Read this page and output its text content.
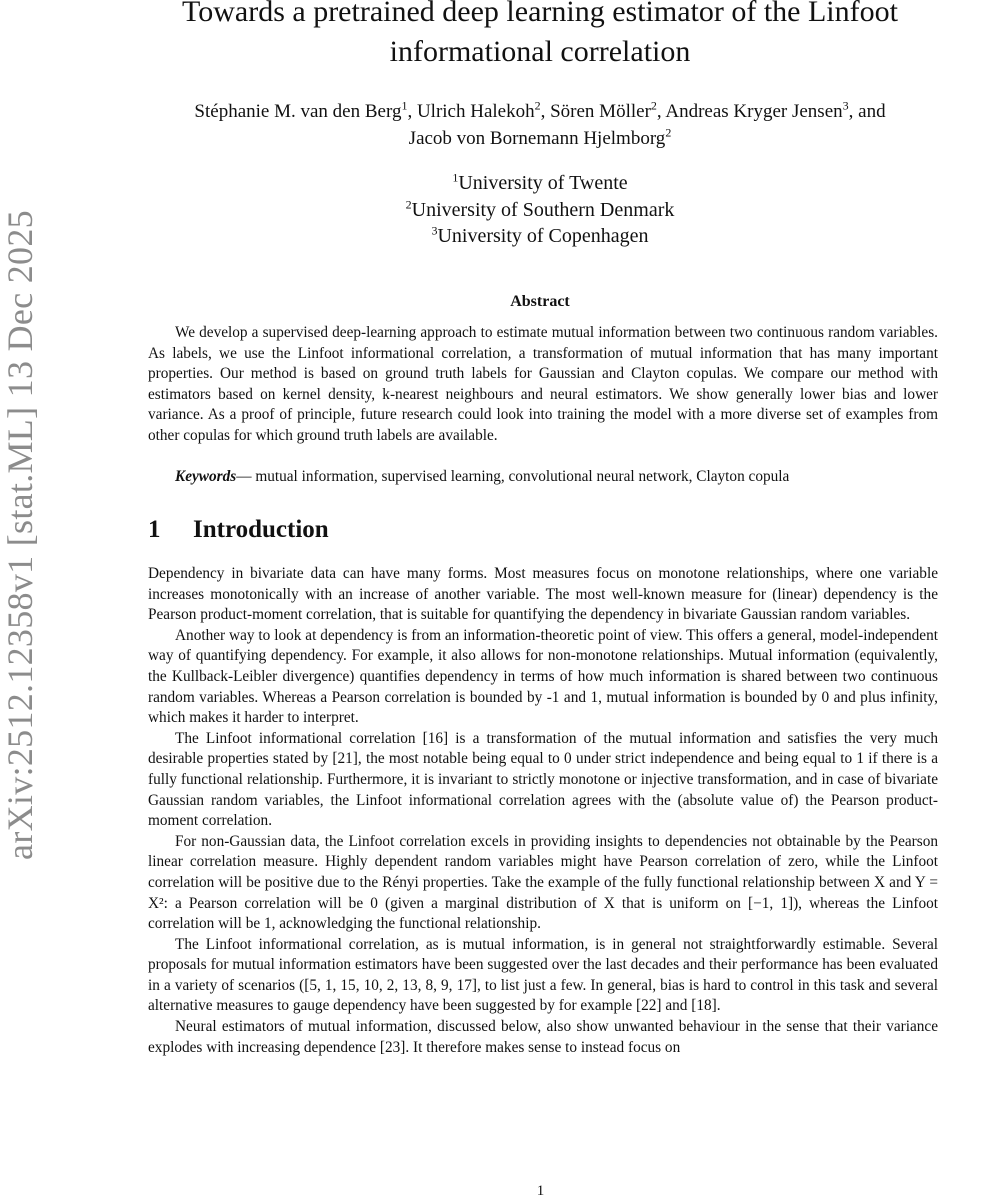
arXiv:2512.12358v1 [stat.ML] 13 Dec 2025
Towards a pretrained deep learning estimator of the Linfoot informational correlation
Stéphanie M. van den Berg$^1$, Ulrich Halekoh$^2$, Sören Möller$^2$, Andreas Kryger Jensen$^3$, and
Jacob von Bornemann Hjelmborg$^2$
$^1$University of Twente
$^2$University of Southern Denmark
$^3$University of Copenhagen
Abstract

We develop a supervised deep-learning approach to estimate mutual information between two continuous random variables. As labels, we use the Linfoot informational correlation, a transformation of mutual information that has many important properties. Our method is based on ground truth labels for Gaussian and Clayton copulas. We compare our method with estimators based on kernel density, k-nearest neighbours and neural estimators. We show generally lower bias and lower variance. As a proof of principle, future research could look into training the model with a more diverse set of examples from other copulas for which ground truth labels are available.

Keywords— mutual information, supervised learning, convolutional neural network, Clayton copula

1 Introduction

Dependency in bivariate data can have many forms. Most measures focus on monotone relationships, where one variable increases monotonically with an increase of another variable. The most well-known measure for (linear) dependency is the Pearson product-moment correlation, that is suitable for quantifying the dependency in bivariate Gaussian random variables.

Another way to look at dependency is from an information-theoretic point of view. This offers a general, model-independent way of quantifying dependency. For example, it also allows for non-monotone relationships. Mutual information (equivalently, the Kullback-Leibler divergence) quantifies dependency in terms of how much information is shared between two continuous random variables. Whereas a Pearson correlation is bounded by -1 and 1, mutual information is bounded by 0 and plus infinity, which makes it harder to interpret.

The Linfoot informational correlation [16] is a transformation of the mutual information and satisfies the very much desirable properties stated by [21], the most notable being equal to 0 under strict independence and being equal to 1 if there is a fully functional relationship. Furthermore, it is invariant to strictly monotone or injective transformation, and in case of bivariate Gaussian random variables, the Linfoot informational correlation agrees with the (absolute value of) the Pearson product-moment correlation.

For non-Gaussian data, the Linfoot correlation excels in providing insights to dependencies not obtainable by the Pearson linear correlation measure. Highly dependent random variables might have Pearson correlation of zero, while the Linfoot correlation will be positive due to the Rényi properties. Take the example of the fully functional relationship between X and Y = X²: a Pearson correlation will be 0 (given a marginal distribution of X that is uniform on [−1, 1]), whereas the Linfoot correlation will be 1, acknowledging the functional relationship.

The Linfoot informational correlation, as is mutual information, is in general not straightforwardly estimable. Several proposals for mutual information estimators have been suggested over the last decades and their performance has been evaluated in a variety of scenarios ([5, 1, 15, 10, 2, 13, 8, 9, 17], to list just a few. In general, bias is hard to control in this task and several alternative measures to gauge dependency have been suggested by for example [22] and [18].

Neural estimators of mutual information, discussed below, also show unwanted behaviour in the sense that their variance explodes with increasing dependence [23]. It therefore makes sense to instead focus on

1
